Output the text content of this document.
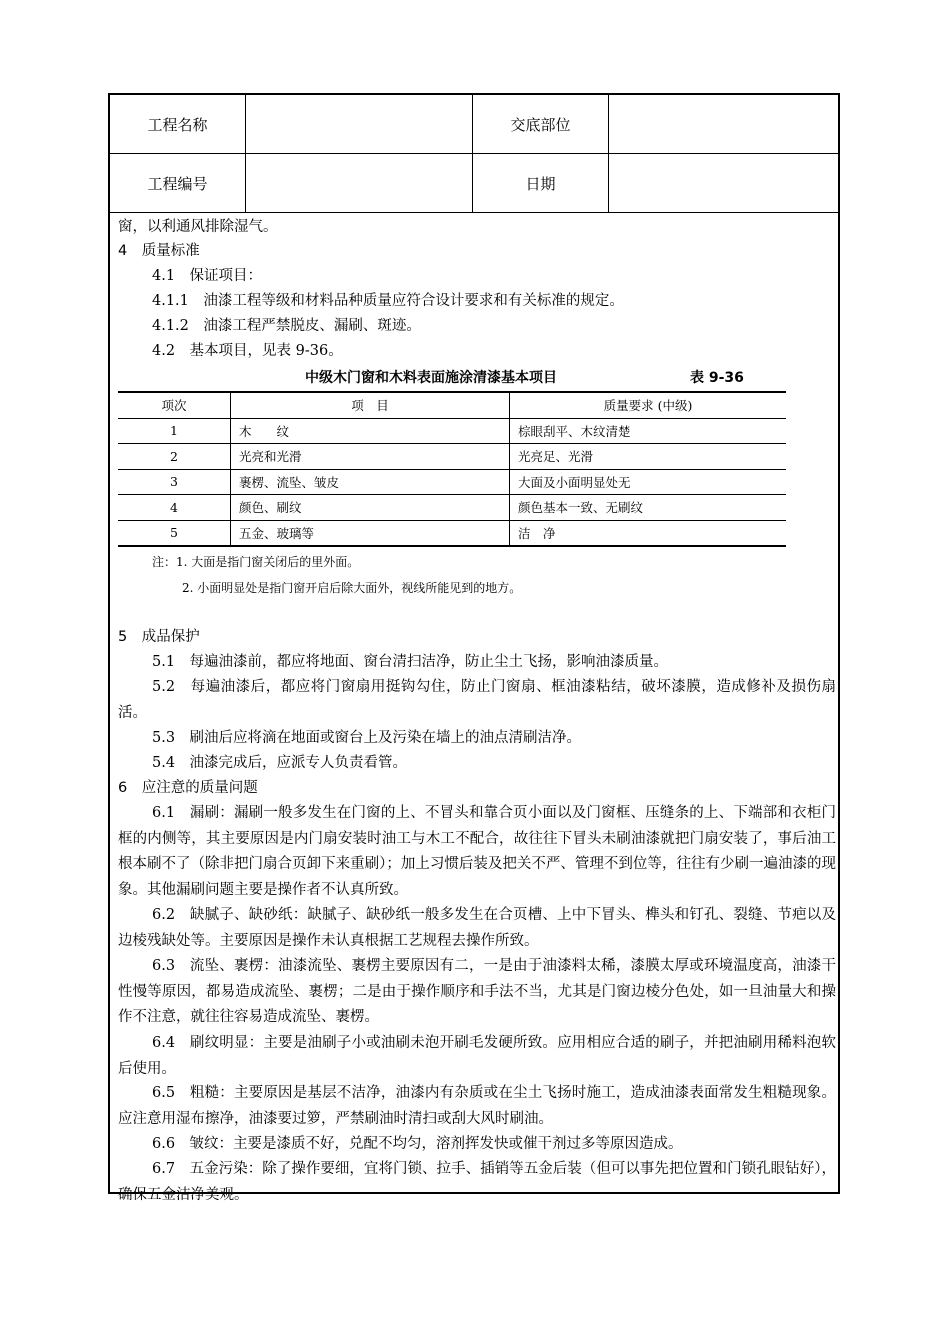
工程名称		交底部位	
工程编号		日期	
窗，以利通风排除湿气。
4　质量标准
4.1　保证项目：
4.1.1　油漆工程等级和材料品种质量应符合设计要求和有关标准的规定。
4.1.2　油漆工程严禁脱皮、漏刷、斑迹。
4.2　基本项目，见表 9-36。
中级木门窗和木料表面施涂清漆基本项目	表 9-36
项次	项　目	质量要求 (中级)
1	木　　纹	棕眼刮平、木纹清楚
2	光亮和光滑	光亮足、光滑
3	裹楞、流坠、皱皮	大面及小面明显处无
4	颜色、刷纹	颜色基本一致、无刷纹
5	五金、玻璃等	洁　净
注：1. 大面是指门窗关闭后的里外面。
2. 小面明显处是指门窗开启后除大面外，视线所能见到的地方。
5　成品保护
5.1　每遍油漆前，都应将地面、窗台清扫洁净，防止尘土飞扬，影响油漆质量。
5.2　每遍油漆后，都应将门窗扇用挺钩勾住，防止门窗扇、框油漆粘结，破坏漆膜，造成修补及损伤扇活。
5.3　刷油后应将滴在地面或窗台上及污染在墙上的油点清刷洁净。
5.4　油漆完成后，应派专人负责看管。
6　应注意的质量问题
6.1　漏刷：漏刷一般多发生在门窗的上、不冒头和靠合页小面以及门窗框、压缝条的上、下端部和衣柜门框的内侧等，其主要原因是内门扇安装时油工与木工不配合，故往往下冒头未刷油漆就把门扇安装了，事后油工根本刷不了（除非把门扇合页卸下来重刷）；加上习惯后装及把关不严、管理不到位等，往往有少刷一遍油漆的现象。其他漏刷问题主要是操作者不认真所致。
6.2　缺腻子、缺砂纸：缺腻子、缺砂纸一般多发生在合页槽、上中下冒头、榫头和钉孔、裂缝、节疤以及边棱残缺处等。主要原因是操作未认真根据工艺规程去操作所致。
6.3　流坠、裹楞：油漆流坠、裹楞主要原因有二，一是由于油漆料太稀，漆膜太厚或环境温度高，油漆干性慢等原因，都易造成流坠、裹楞；二是由于操作顺序和手法不当，尤其是门窗边棱分色处，如一旦油量大和操作不注意，就往往容易造成流坠、裹楞。
6.4　刷纹明显：主要是油刷子小或油刷未泡开刷毛发硬所致。应用相应合适的刷子，并把油刷用稀料泡软后使用。
6.5　粗糙：主要原因是基层不洁净，油漆内有杂质或在尘土飞扬时施工，造成油漆表面常发生粗糙现象。应注意用湿布擦净，油漆要过箩，严禁刷油时清扫或刮大风时刷油。
6.6　皱纹：主要是漆质不好，兑配不均匀，溶剂挥发快或催干剂过多等原因造成。
6.7　五金污染：除了操作要细，宜将门锁、拉手、插销等五金后装（但可以事先把位置和门锁孔眼钻好），确保五金洁净美观。
